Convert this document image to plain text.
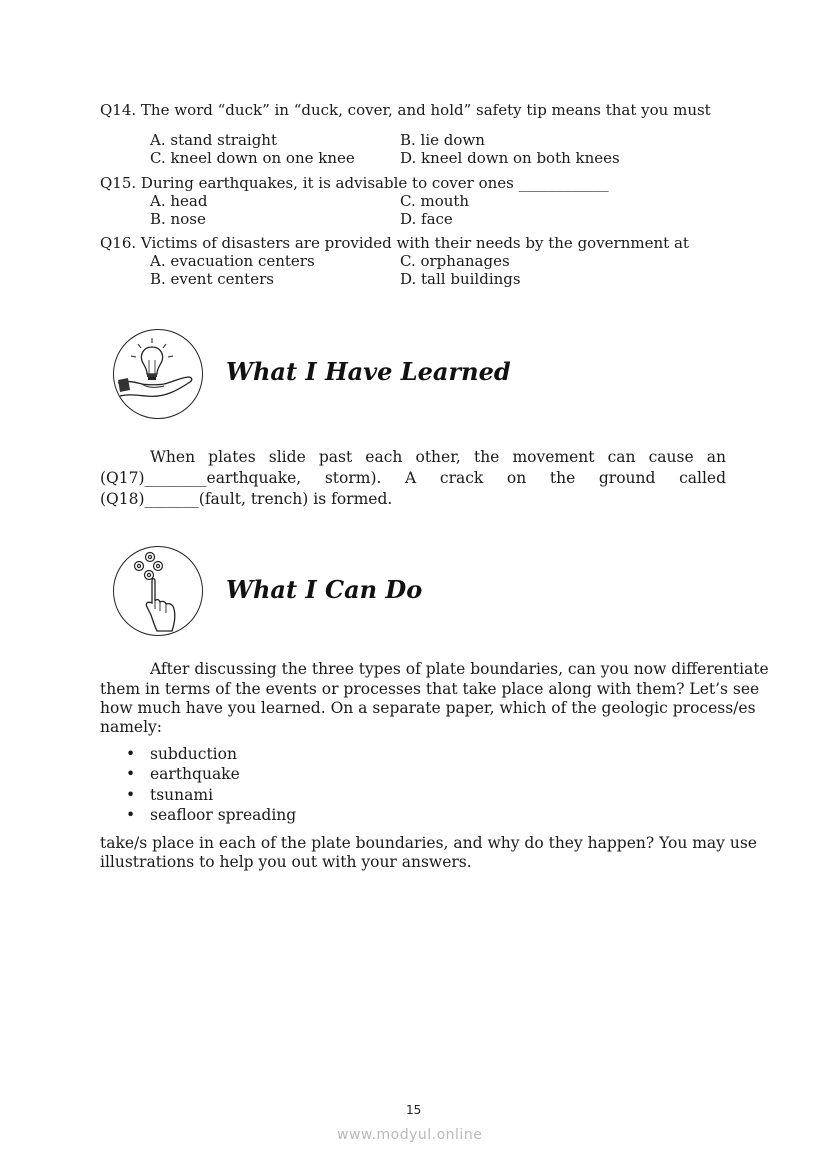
Q14. The word “duck” in “duck, cover, and hold” safety tip means that you must
A. stand straight	B. lie down
C. kneel down on one knee	D. kneel down on both knees
Q15. During earthquakes, it is advisable to cover ones ____________
A. head	C. mouth
B. nose	D. face
Q16. Victims of disasters are provided with their needs by the government at
A. evacuation centers	C. orphanages
B. event centers	D. tall buildings
What I Have Learned
When plates slide past each other, the movement can cause an
(Q17)________earthquake, storm). A crack on the ground called
(Q18)_______(fault, trench) is formed.
What I Can Do
After discussing the three types of plate boundaries, can you now differentiate
them in terms of the events or processes that take place along with them? Let’s see
how much have you learned. On a separate paper, which of the geologic process/es
namely:
• subduction
• earthquake
• tsunami
• seafloor spreading
take/s place in each of the plate boundaries, and why do they happen? You may use
illustrations to help you out with your answers.
15
www.modyul.online
